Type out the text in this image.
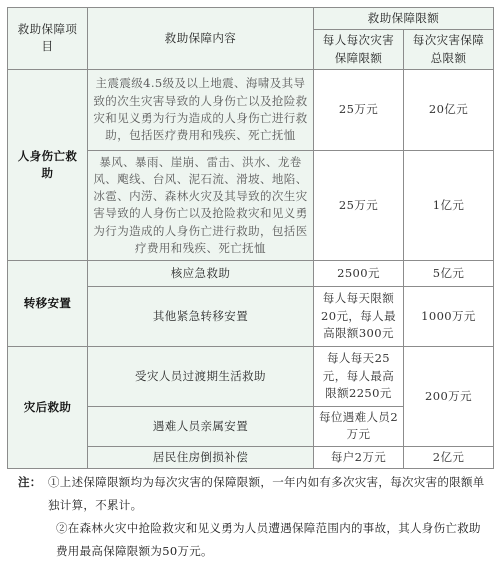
救助保障项目	救助保障内容	救助保障限额	
		每人每次灾害保障限额	每次灾害保障总限额
人身伤亡救助	主震震级4.5级及以上地震、海啸及其导致的次生灾害导致的人身伤亡以及抢险救灾和见义勇为行为造成的人身伤亡进行救助，包括医疗费用和残疾、死亡抚恤	25万元	20亿元
	暴风、暴雨、崖崩、雷击、洪水、龙卷风、飑线、台风、泥石流、滑坡、地陷、冰雹、内涝、森林火灾及其导致的次生灾害导致的人身伤亡以及抢险救灾和见义勇为行为造成的人身伤亡进行救助，包括医疗费用和残疾、死亡抚恤	25万元	1亿元
转移安置	核应急救助	2500元	5亿元
	其他紧急转移安置	每人每天限额20元，每人最高限额300元	1000万元
灾后救助	受灾人员过渡期生活救助	每人每天25元，每人最高限额2250元	200万元
	遇难人员亲属安置	每位遇难人员2万元	
	居民住房倒损补偿	每户2万元	2亿元
注： ①上述保障限额均为每次灾害的保障限额，一年内如有多次灾害，每次灾害的限额单独计算，不累计。
②在森林火灾中抢险救灾和见义勇为人员遭遇保障范围内的事故，其人身伤亡救助费用最高保障限额为50万元。
